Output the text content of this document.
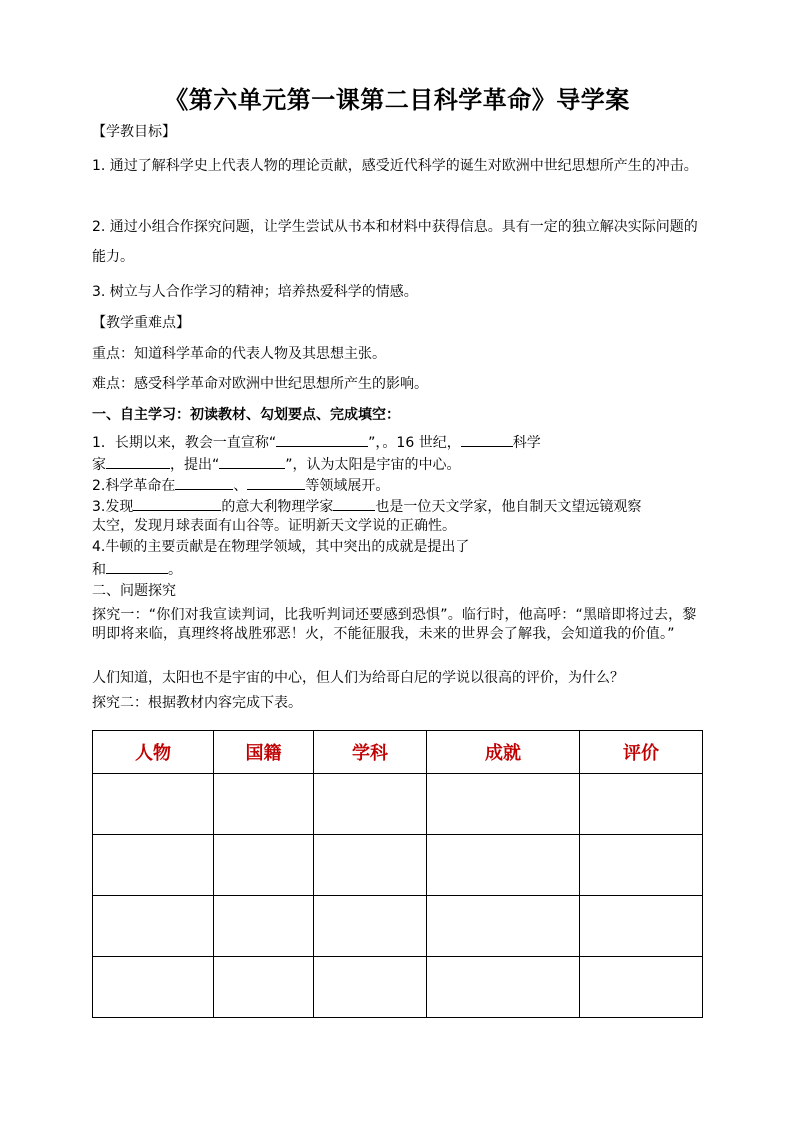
《第六单元第一课第二目科学革命》导学案
【学教目标】
1. 通过了解科学史上代表人物的理论贡献，感受近代科学的诞生对欧洲中世纪思想所产生的冲击。
2. 通过小组合作探究问题，让学生尝试从书本和材料中获得信息。具有一定的独立解决实际问题的能力。
3. 树立与人合作学习的精神；培养热爱科学的情感。
【教学重难点】
重点：知道科学革命的代表人物及其思想主张。
难点：感受科学革命对欧洲中世纪思想所产生的影响。
一、自主学习：初读教材、勾划要点、完成填空：
1．长期以来，教会一直宣称“	”，。16 世纪，	科学
家	，提出“	”，认为太阳是宇宙的中心。
2.科学革命在	、	等领域展开。
3.发现	的意大利物理学家	也是一位天文学家，他自制天文望远镜观察
太空，发现月球表面有山谷等。证明新天文学说的正确性。
4.牛顿的主要贡献是在物理学领域，其中突出的成就是提出了
和	。
二、问题探究
探究一：“你们对我宣读判词，比我听判词还要感到恐惧”。临行时，他高呼：“黑暗即将过去，黎明即将来临，真理终将战胜邪恶！火，不能征服我，未来的世界会了解我，会知道我的价值。”
人们知道，太阳也不是宇宙的中心，但人们为给哥白尼的学说以很高的评价，为什么？
探究二：根据教材内容完成下表。
人物	国籍	学科	成就	评价
